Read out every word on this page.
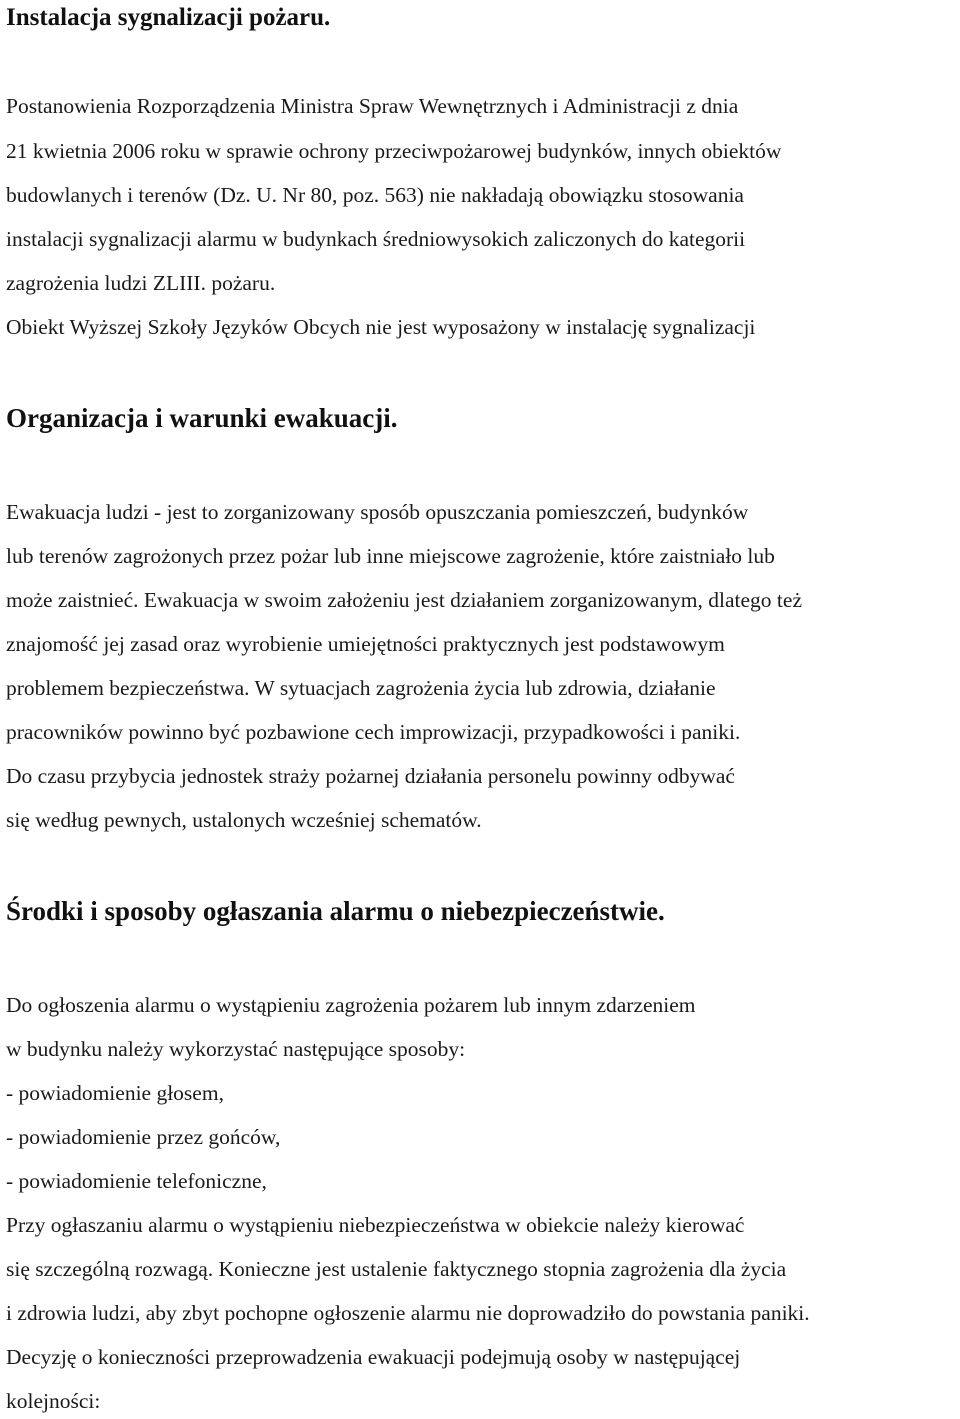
Instalacja sygnalizacji pożaru.
Postanowienia Rozporządzenia Ministra Spraw Wewnętrznych i Administracji z dnia
21 kwietnia 2006 roku w sprawie ochrony przeciwpożarowej budynków, innych obiektów
budowlanych i terenów (Dz. U. Nr 80, poz. 563) nie nakładają obowiązku stosowania
instalacji sygnalizacji alarmu w budynkach średniowysokich zaliczonych do kategorii
zagrożenia ludzi ZLIII. pożaru.
Obiekt Wyższej Szkoły Języków Obcych nie jest wyposażony w instalację sygnalizacji
Organizacja i warunki ewakuacji.
Ewakuacja ludzi - jest to zorganizowany sposób opuszczania pomieszczeń, budynków
lub terenów zagrożonych przez pożar lub inne miejscowe zagrożenie, które zaistniało lub
może zaistnieć. Ewakuacja w swoim założeniu jest działaniem zorganizowanym, dlatego też
znajomość jej zasad oraz wyrobienie umiejętności praktycznych jest podstawowym
problemem bezpieczeństwa. W sytuacjach zagrożenia życia lub zdrowia, działanie
pracowników powinno być pozbawione cech improwizacji, przypadkowości i paniki.
Do czasu przybycia jednostek straży pożarnej działania personelu powinny odbywać
się według pewnych, ustalonych wcześniej schematów.
Środki i sposoby ogłaszania alarmu o niebezpieczeństwie.
Do ogłoszenia alarmu o wystąpieniu zagrożenia pożarem lub innym zdarzeniem
w budynku należy wykorzystać następujące sposoby:
- powiadomienie głosem,
- powiadomienie przez gońców,
- powiadomienie telefoniczne,
Przy ogłaszaniu alarmu o wystąpieniu niebezpieczeństwa w obiekcie należy kierować
się szczególną rozwagą. Konieczne jest ustalenie faktycznego stopnia zagrożenia dla życia
i zdrowia ludzi, aby zbyt pochopne ogłoszenie alarmu nie doprowadziło do powstania paniki.
Decyzję o konieczności przeprowadzenia ewakuacji podejmują osoby w następującej
kolejności:
